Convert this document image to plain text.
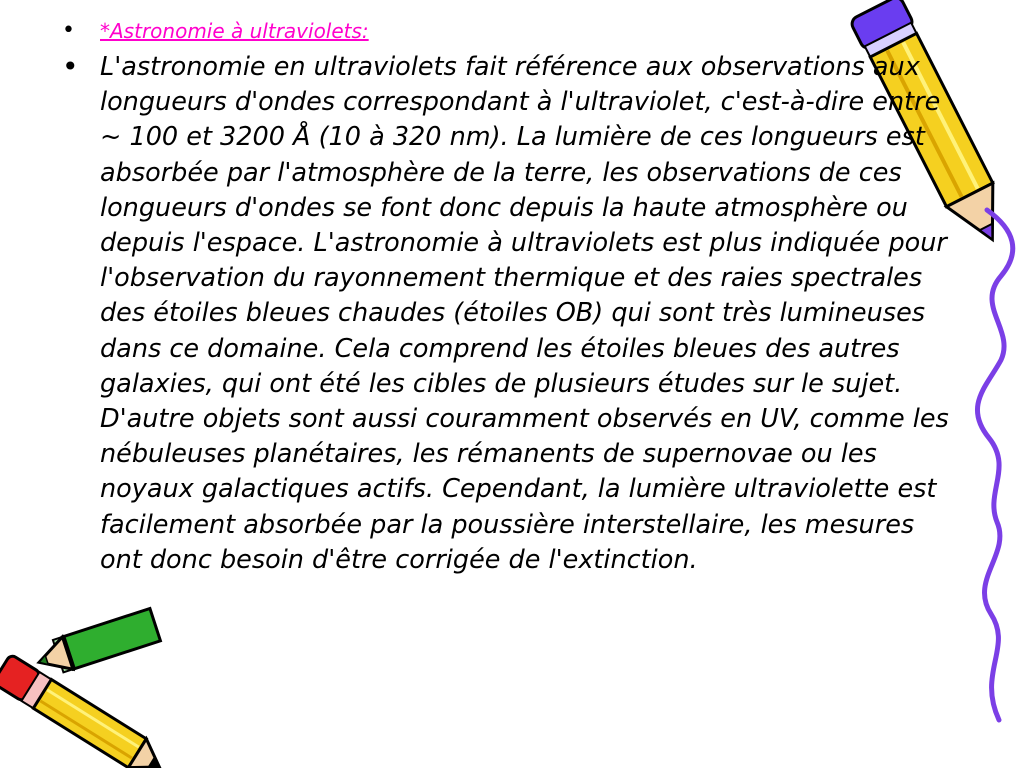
•	*Astronomie à ultraviolets:
• L'astronomie en ultraviolets fait référence aux observations aux longueurs d'ondes correspondant à l'ultraviolet, c'est-à-dire entre ~ 100 et 3200 Å (10 à 320 nm). La lumière de ces longueurs est absorbée par l'atmosphère de la terre, les observations de ces longueurs d'ondes se font donc depuis la haute atmosphère ou depuis l'espace. L'astronomie à ultraviolets est plus indiquée pour l'observation du rayonnement thermique et des raies spectrales des étoiles bleues chaudes (étoiles OB) qui sont très lumineuses dans ce domaine. Cela comprend les étoiles bleues des autres galaxies, qui ont été les cibles de plusieurs études sur le sujet. D'autre objets sont aussi couramment observés en UV, comme les nébuleuses planétaires, les rémanents de supernovae ou les noyaux galactiques actifs. Cependant, la lumière ultraviolette est facilement absorbée par la poussière interstellaire, les mesures ont donc besoin d'être corrigée de l'extinction.
